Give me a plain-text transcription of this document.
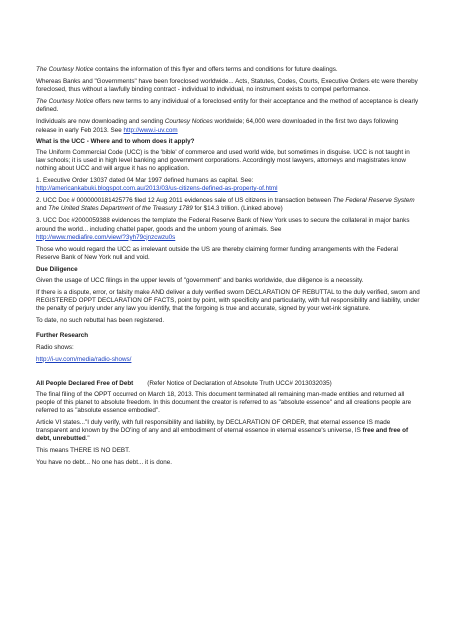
The Courtesy Notice contains the information of this flyer and offers terms and conditions for future dealings.

Whereas Banks and "Governments" have been foreclosed worldwide... Acts, Statutes, Codes, Courts, Executive Orders etc were thereby foreclosed, thus without a lawfully binding contract - individual to individual, no instrument exists to compel performance.

The Courtesy Notice offers new terms to any individual of a foreclosed entity for their acceptance and the method of acceptance is clearly defined.

Individuals are now downloading and sending Courtesy Notices worldwide; 64,000 were downloaded in the first two days following release in early Feb 2013. See http://www.i-uv.com

What is the UCC - Where and to whom does it apply?

The Uniform Commercial Code (UCC) is the 'bible' of commerce and used world wide, but sometimes in disguise. UCC is not taught in law schools; it is used in high level banking and government corporations. Accordingly most lawyers, attorneys and magistrates know nothing about UCC and will argue it has no application.

1. Executive Order 13037 dated 04 Mar 1997 defined humans as capital. See:
http://americankabuki.blogspot.com.au/2013/03/us-citizens-defined-as-property-of.html

2. UCC Doc # 0000000181425776 filed 12 Aug 2011 evidences sale of US citizens in transaction between The Federal Reserve System and The United States Department of the Treasury 1789 for $14.3 trillion. (Linked above)

3. UCC Doc #2000059388 evidences the template the Federal Reserve Bank of New York uses to secure the collateral in major banks around the world... including chattel paper, goods and the unborn young of animals. See
http://www.mediafire.com/view/?3yh79cjnzcwzu0s

Those who would regard the UCC as irrelevant outside the US are thereby claiming former funding arrangements with the Federal Reserve Bank of New York null and void.

Due Diligence

Given the usage of UCC filings in the upper levels of "government" and banks worldwide, due diligence is a necessity.

If there is a dispute, error, or falsity make AND deliver a duly verified sworn DECLARATION OF REBUTTAL to the duly verified, sworn and REGISTERED OPPT DECLARATION OF FACTS, point by point, with specificity and particularity, with full responsibility and liability, under the penalty of perjury under any law you identify, that the forgoing is true and accurate, signed by your wet-ink signature.

To date, no such rebuttal has been registered.

Further Research

Radio shows:

http://i-uv.com/media/radio-shows/

All People Declared Free of Debt (Refer Notice of Declaration of Absolute Truth UCC# 2013032035)

The final filing of the OPPT occurred on March 18, 2013. This document terminated all remaining man-made entities and returned all people of this planet to absolute freedom. In this document the creator is referred to as "absolute essence" and all creations people are referred to as "absolute essence embodied".

Article VI states..."I duly verify, with full responsibility and liability, by DECLARATION OF ORDER, that eternal essence IS made transparent and known by the DO'ing of any and all embodiment of eternal essence in eternal essence's universe, IS free and free of debt, unrebutted."

This means THERE IS NO DEBT.

You have no debt... No one has debt... it is done.
